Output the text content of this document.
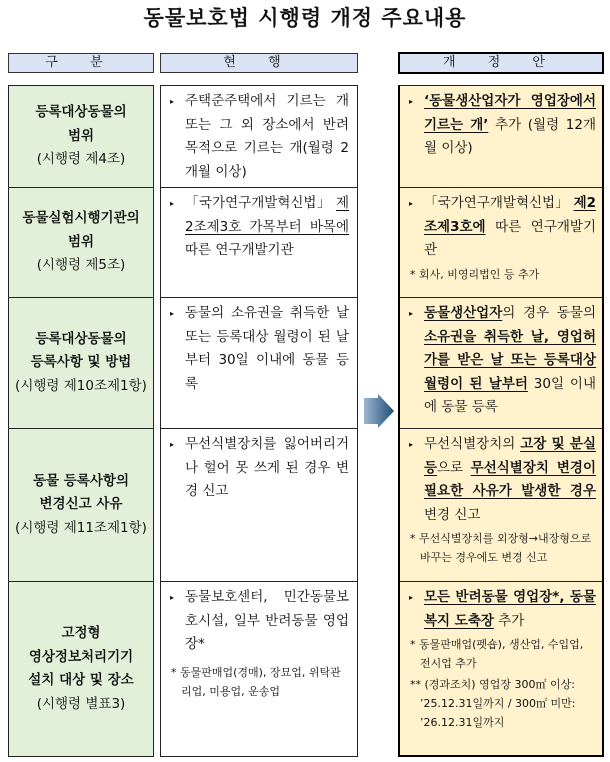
동물보호법 시행령 개정 주요내용
구 분	현 행	개 정 안
등록대상동물의
범위
(시행령 제4조)
▸ 주택준주택에서 기르는 개 또는 그 외 장소에서 반려 목적으로 기르는 개(월령 2개월 이상)
▸ ‘동물생산업자가 영업장에서 기르는 개’ 추가 (월령 12개월 이상)
동물실험시행기관의
범위
(시행령 제5조)
▸ 「국가연구개발혁신법」 제2조제3호 가목부터 바목에 따른 연구개발기관
▸ 「국가연구개발혁신법」 제2조제3호에 따른 연구개발기관
* 회사, 비영리법인 등 추가
등록대상동물의
등록사항 및 방법
(시행령 제10조제1항)
▸ 동물의 소유권을 취득한 날 또는 등록대상 월령이 된 날부터 30일 이내에 동물 등록
▸ 동물생산업자의 경우 동물의 소유권을 취득한 날, 영업허가를 받은 날 또는 등록대상 월령이 된 날부터 30일 이내에 동물 등록
동물 등록사항의
변경신고 사유
(시행령 제11조제1항)
▸ 무선식별장치를 잃어버리거나 헐어 못 쓰게 된 경우 변경 신고
▸ 무선식별장치의 고장 및 분실 등으로 무선식별장치 변경이 필요한 사유가 발생한 경우 변경 신고
* 무선식별장치를 외장형→내장형으로 바꾸는 경우에도 변경 신고
고정형
영상정보처리기기
설치 대상 및 장소
(시행령 별표3)
▸ 동물보호센터, 민간동물보호시설, 일부 반려동물 영업장*
* 동물판매업(경매), 장묘업, 위탁관리업, 미용업, 운송업
▸ 모든 반려동물 영업장*, 동물복지 도축장 추가
* 동물판매업(펫숍), 생산업, 수입업, 전시업 추가
** (경과조치) 영업장 300㎡ 이상: ’25.12.31일까지 / 300㎡ 미만: ’26.12.31일까지
